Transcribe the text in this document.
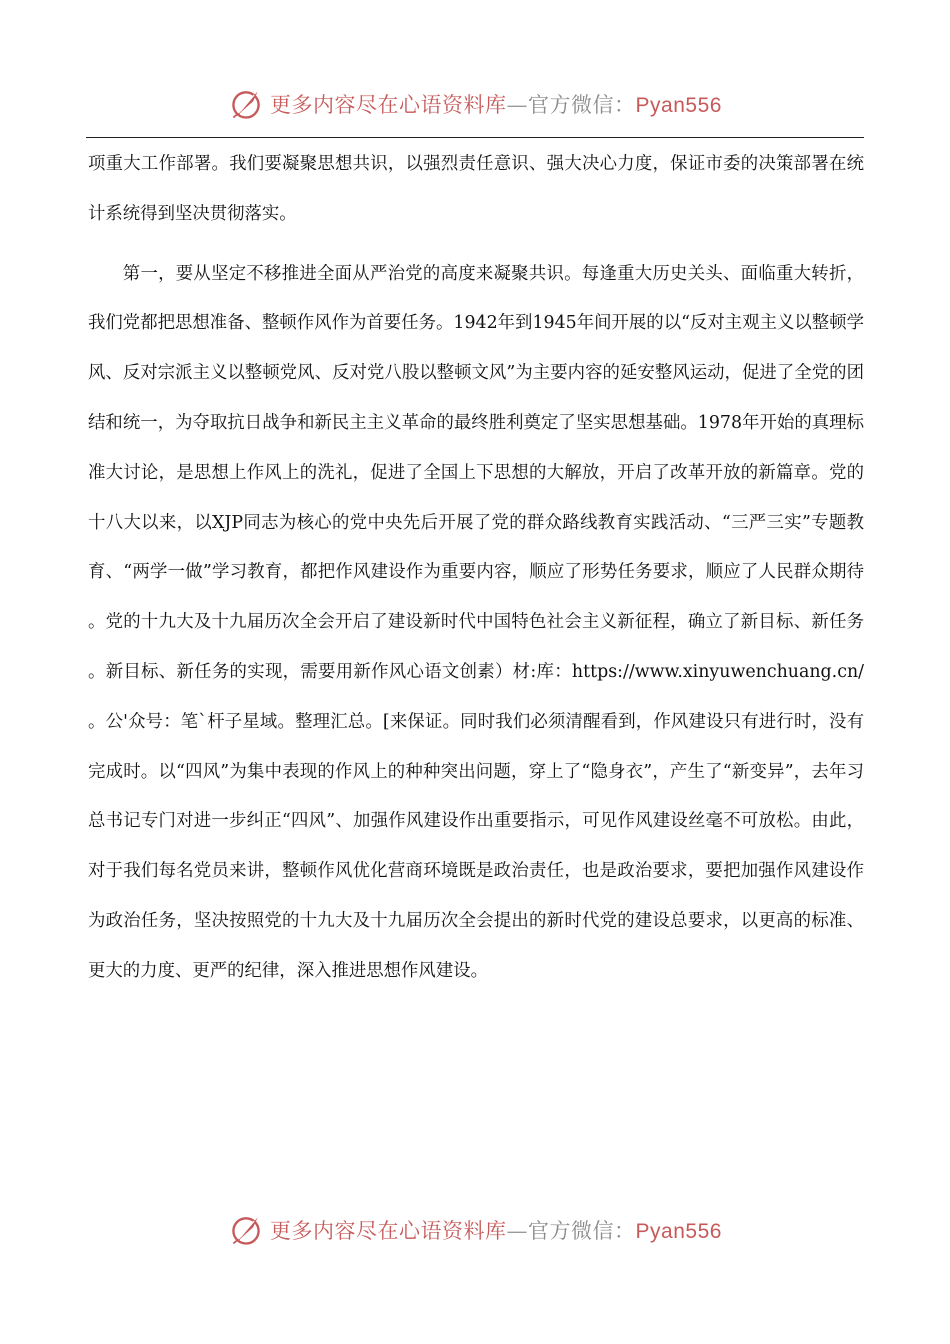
更多内容尽在心语资料库—官方微信：Pyan556

项重大工作部署。我们要凝聚思想共识，以强烈责任意识、强大决心力度，保证市委的决策部署在统计系统得到坚决贯彻落实。

第一，要从坚定不移推进全面从严治党的高度来凝聚共识。每逢重大历史关头、面临重大转折，我们党都把思想准备、整顿作风作为首要任务。1942年到1945年间开展的以“反对主观主义以整顿学风、反对宗派主义以整顿党风、反对党八股以整顿文风”为主要内容的延安整风运动，促进了全党的团结和统一，为夺取抗日战争和新民主主义革命的最终胜利奠定了坚实思想基础。1978年开始的真理标准大讨论，是思想上作风上的洗礼，促进了全国上下思想的大解放，开启了改革开放的新篇章。党的十八大以来，以XJP同志为核心的党中央先后开展了党的群众路线教育实践活动、“三严三实”专题教育、“两学一做”学习教育，都把作风建设作为重要内容，顺应了形势任务要求，顺应了人民群众期待。党的十九大及十九届历次全会开启了建设新时代中国特色社会主义新征程，确立了新目标、新任务。新目标、新任务的实现，需要用新作风心语文创素）材:库：https://www.xinyuwenchuang.cn/。公'众号：笔`杆子星域。整理汇总。[来保证。同时我们必须清醒看到，作风建设只有进行时，没有完成时。以“四风”为集中表现的作风上的种种突出问题，穿上了“隐身衣”，产生了“新变异”，去年习总书记专门对进一步纠正“四风”、加强作风建设作出重要指示，可见作风建设丝毫不可放松。由此，对于我们每名党员来讲，整顿作风优化营商环境既是政治责任，也是政治要求，要把加强作风建设作为政治任务，坚决按照党的十九大及十九届历次全会提出的新时代党的建设总要求，以更高的标准、更大的力度、更严的纪律，深入推进思想作风建设。

更多内容尽在心语资料库—官方微信：Pyan556
